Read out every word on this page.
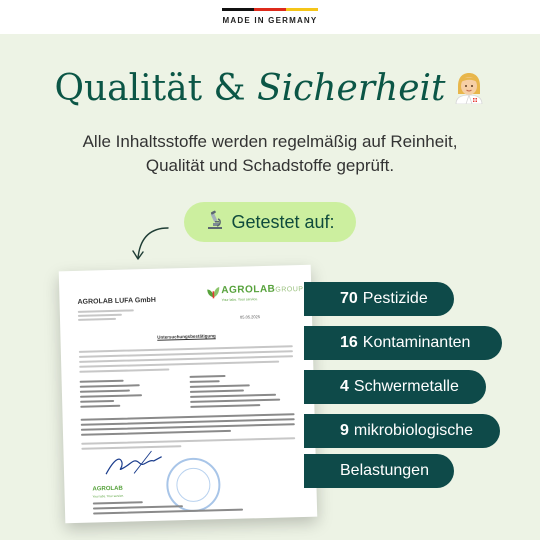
MADE IN GERMANY
Qualität & Sicherheit
Alle Inhaltsstoffe werden regelmäßig auf Reinheit,
Qualität und Schadstoffe geprüft.
Getestet auf:
AGROLAB LUFA GmbH
AGROLABGROUP
Your labs. Your service.
05.05.2025
Untersuchungsbestätigung
AGROLAB
Your labs. Your service.
70 Pestizide
16 Kontaminanten
4 Schwermetalle
9 mikrobiologische
Belastungen
